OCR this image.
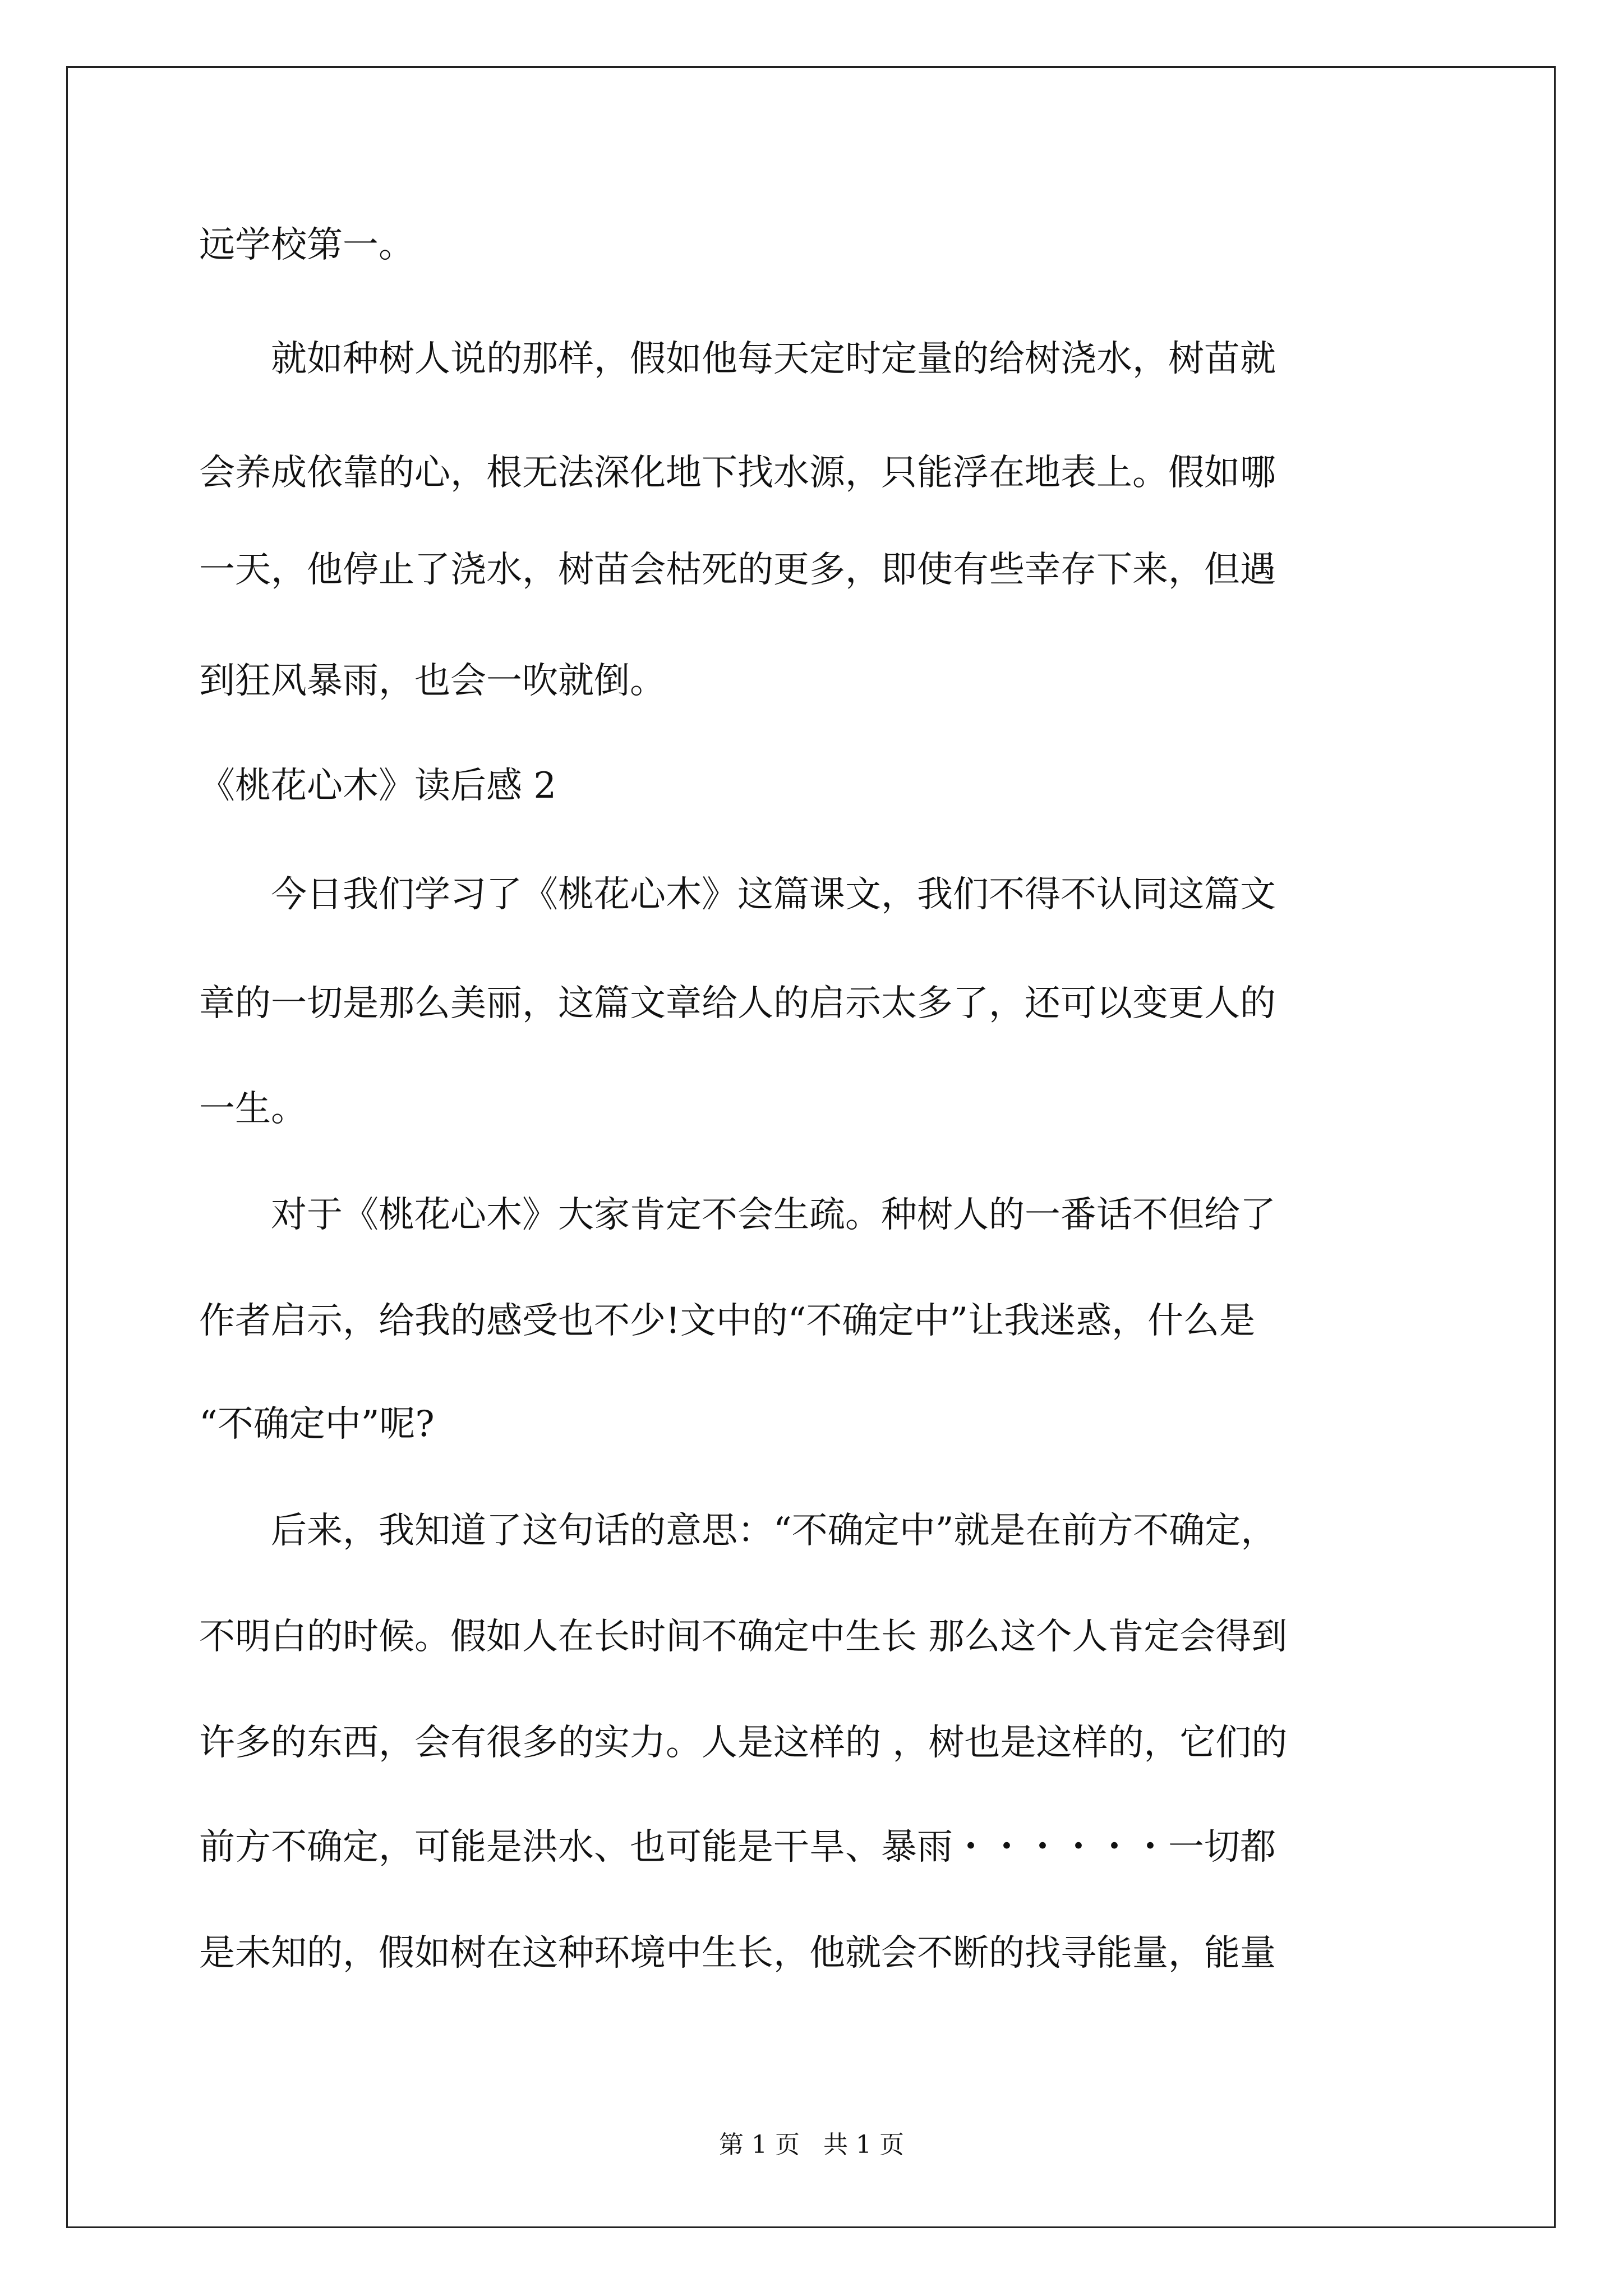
远学校第一。
　　就如种树人说的那样，假如他每天定时定量的给树浇水，树苗就
会养成依靠的心，根无法深化地下找水源，只能浮在地表上。假如哪
一天，他停止了浇水，树苗会枯死的更多，即使有些幸存下来，但遇
到狂风暴雨，也会一吹就倒。
《桃花心木》读后感 2
　　今日我们学习了《桃花心木》这篇课文，我们不得不认同这篇文
章的一切是那么美丽，这篇文章给人的启示太多了，还可以变更人的
一生。
　　对于《桃花心木》大家肯定不会生疏。种树人的一番话不但给了
作者启示，给我的感受也不少!文中的“不确定中”让我迷惑，什么是
“不确定中”呢?
　　后来，我知道了这句话的意思：“不确定中”就是在前方不确定，
不明白的时候。假如人在长时间不确定中生长 那么这个人肯定会得到
许多的东西，会有很多的实力。人是这样的 ，树也是这样的，它们的
前方不确定，可能是洪水、也可能是干旱、暴雨・・・・・・一切都
是未知的，假如树在这种环境中生长，他就会不断的找寻能量，能量
第 1 页   共 1 页
